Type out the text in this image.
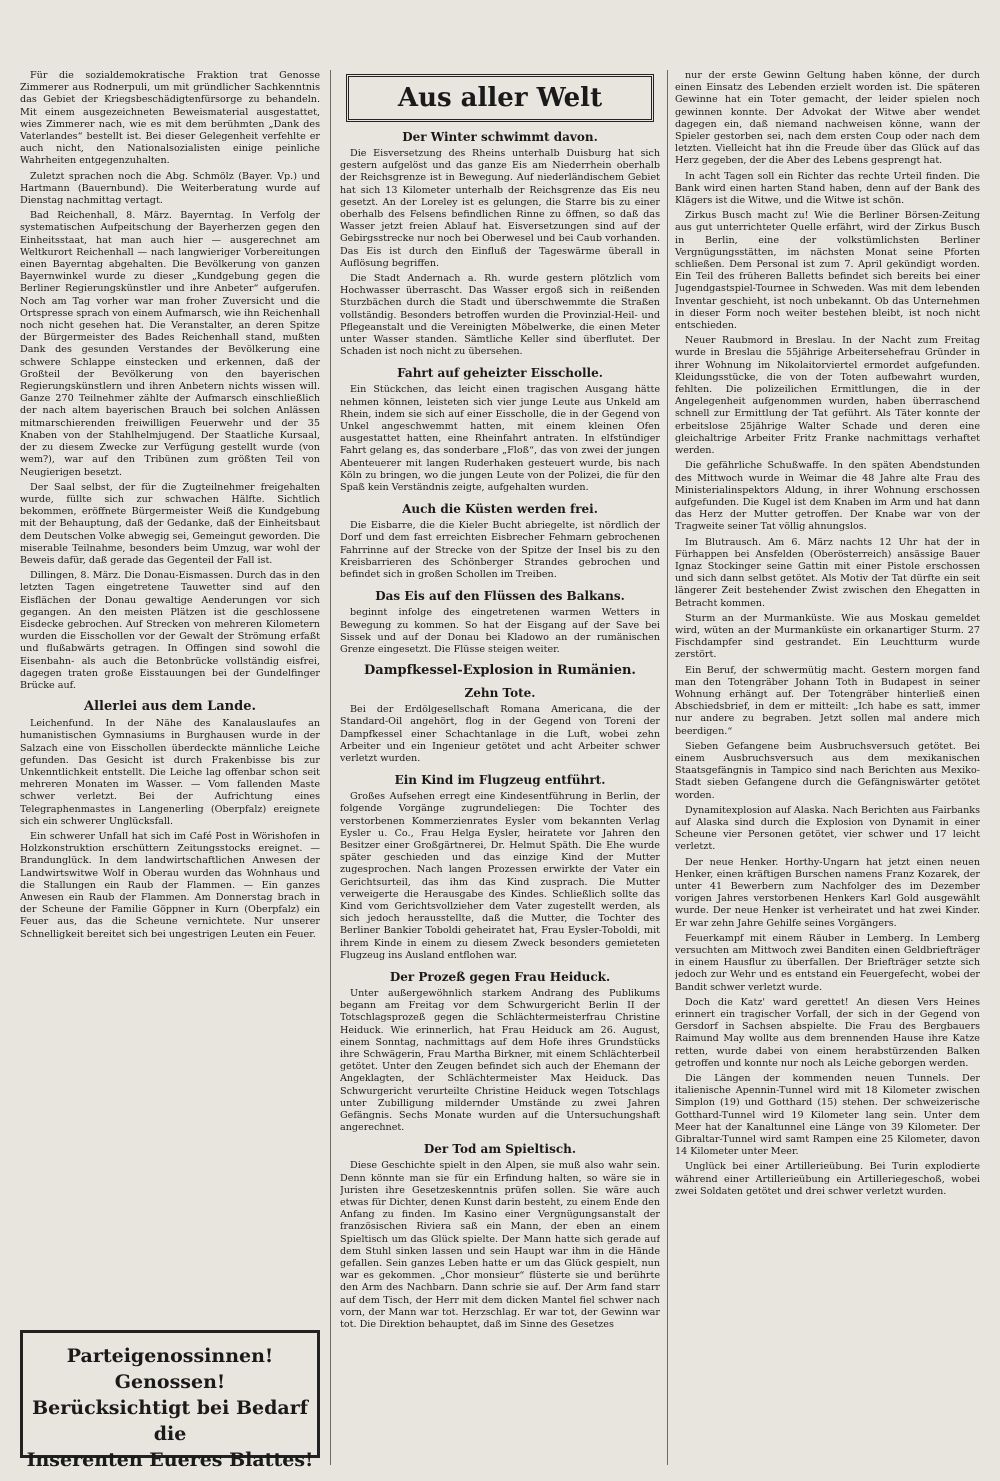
Für die sozialdemokratische Fraktion trat Genosse Zimmerer aus Rodnerpuli, um mit gründlicher Sachkenntnis das Gebiet der Kriegsbeschädigtenfürsorge zu behandeln. Mit einem ausgezeichneten Beweismaterial ausgestattet, wies Zimmerer nach, wie es mit dem berühmten „Dank des Vaterlandes“ bestellt ist. Bei dieser Gelegenheit verfehlte er auch nicht, den Nationalsozialisten einige peinliche Wahrheiten entgegenzuhalten.

Zuletzt sprachen noch die Abg. Schmölz (Bayer. Vp.) und Hartmann (Bauernbund). Die Weiterberatung wurde auf Dienstag nachmittag vertagt.

Bad Reichenhall, 8. März. Bayerntag. In Verfolg der systematischen Aufpeitschung der Bayerherzen gegen den Einheitsstaat, hat man auch hier — ausgerechnet am Weltkurort Reichenhall — nach langwieriger Vorbereitungen einen Bayerntag abgehalten. Die Bevölkerung von ganzen Bayernwinkel wurde zu dieser „Kundgebung gegen die Berliner Regierungskünstler und ihre Anbeter“ aufgerufen. Noch am Tag vorher war man froher Zuversicht und die Ortspresse sprach von einem Aufmarsch, wie ihn Reichenhall noch nicht gesehen hat. Die Veranstalter, an deren Spitze der Bürgermeister des Bades Reichenhall stand, mußten Dank des gesunden Verstandes der Bevölkerung eine schwere Schlappe einstecken und erkennen, daß der Großteil der Bevölkerung von den bayerischen Regierungskünstlern und ihren Anbetern nichts wissen will. Ganze 270 Teilnehmer zählte der Aufmarsch einschließlich der nach altem bayerischen Brauch bei solchen Anlässen mitmarschierenden freiwilligen Feuerwehr und der 35 Knaben von der Stahlhelmjugend. Der Staatliche Kursaal, der zu diesem Zwecke zur Verfügung gestellt wurde (von wem?), war auf den Tribünen zum größten Teil von Neugierigen besetzt.

Der Saal selbst, der für die Zugteilnehmer freigehalten wurde, füllte sich zur schwachen Hälfte. Sichtlich bekommen, eröffnete Bürgermeister Weiß die Kundgebung mit der Behauptung, daß der Gedanke, daß der Einheitsbaut dem Deutschen Volke abwegig sei, Gemeingut geworden. Die miserable Teilnahme, besonders beim Umzug, war wohl der Beweis dafür, daß gerade das Gegenteil der Fall ist.

Dillingen, 8. März. Die Donau-Eismassen. Durch das in den letzten Tagen eingetretene Tauwetter sind auf den Eisflächen der Donau gewaltige Aenderungen vor sich gegangen. An den meisten Plätzen ist die geschlossene Eisdecke gebrochen. Auf Strecken von mehreren Kilometern wurden die Eisschollen vor der Gewalt der Strömung erfaßt und flußabwärts getragen. In Offingen sind sowohl die Eisenbahn- als auch die Betonbrücke vollständig eisfrei, dagegen traten große Eisstauungen bei der Gundelfinger Brücke auf.

Allerlei aus dem Lande.

Leichenfund. In der Nähe des Kanalauslaufes an humanistischen Gymnasiums in Burghausen wurde in der Salzach eine von Eisschollen überdeckte männliche Leiche gefunden. Das Gesicht ist durch Frakenbisse bis zur Unkenntlichkeit entstellt. Die Leiche lag offenbar schon seit mehreren Monaten im Wasser. — Vom fallenden Maste schwer verletzt. Bei der Aufrichtung eines Telegraphenmastes in Langenerling (Oberpfalz) ereignete sich ein schwerer Unglücksfall.

Ein schwerer Unfall hat sich im Café Post in Wörishofen in Holzkonstruktion erschüttern Zeitungsstocks ereignet. — Brandunglück. In dem landwirtschaftlichen Anwesen der Landwirtswitwe Wolf in Oberau wurden das Wohnhaus und die Stallungen ein Raub der Flammen. — Ein ganzes Anwesen ein Raub der Flammen. Am Donnerstag brach in der Scheune der Familie Göppner in Kurn (Oberpfalz) ein Feuer aus, das die Scheune vernichtete. Nur unserer Schnelligkeit bereitet sich bei ungestrigen Leuten ein Feuer.

Parteigenossinnen! Genossen!
Berücksichtigt bei Bedarf die
Inserenten Eueres Blattes!
Aus aller Welt
Der Winter schwimmt davon.

Die Eisversetzung des Rheins unterhalb Duisburg hat sich gestern aufgelöst und das ganze Eis am Niederrhein oberhalb der Reichsgrenze ist in Bewegung. Auf niederländischem Gebiet hat sich 13 Kilometer unterhalb der Reichsgrenze das Eis neu gesetzt. An der Loreley ist es gelungen, die Starre bis zu einer oberhalb des Felsens befindlichen Rinne zu öffnen, so daß das Wasser jetzt freien Ablauf hat. Eisversetzungen sind auf der Gebirgsstrecke nur noch bei Oberwesel und bei Caub vorhanden. Das Eis ist durch den Einfluß der Tageswärme überall in Auflösung begriffen.

Die Stadt Andernach a. Rh. wurde gestern plötzlich vom Hochwasser überrascht. Das Wasser ergoß sich in reißenden Sturzbächen durch die Stadt und überschwemmte die Straßen vollständig. Besonders betroffen wurden die Provinzial-Heil- und Pflegeanstalt und die Vereinigten Möbelwerke, die einen Meter unter Wasser standen. Sämtliche Keller sind überflutet. Der Schaden ist noch nicht zu übersehen.

Fahrt auf geheizter Eisscholle.

Ein Stückchen, das leicht einen tragischen Ausgang hätte nehmen können, leisteten sich vier junge Leute aus Unkeld am Rhein, indem sie sich auf einer Eisscholle, die in der Gegend von Unkel angeschwemmt hatten, mit einem kleinen Ofen ausgestattet hatten, eine Rheinfahrt antraten. In elfstündiger Fahrt gelang es, das sonderbare „Floß“, das von zwei der jungen Abenteuerer mit langen Ruderhaken gesteuert wurde, bis nach Köln zu bringen, wo die jungen Leute von der Polizei, die für den Spaß kein Verständnis zeigte, aufgehalten wurden.

Auch die Küsten werden frei.

Die Eisbarre, die die Kieler Bucht abriegelte, ist nördlich der Dorf und dem fast erreichten Eisbrecher Fehmarn gebrochenen Fahrrinne auf der Strecke von der Spitze der Insel bis zu den Kreisbarrieren des Schönberger Strandes gebrochen und befindet sich in großen Schollen im Treiben.

Das Eis auf den Flüssen des Balkans.

beginnt infolge des eingetretenen warmen Wetters in Bewegung zu kommen. So hat der Eisgang auf der Save bei Sissek und auf der Donau bei Kladowo an der rumänischen Grenze eingesetzt. Die Flüsse steigen weiter.

Dampfkessel-Explosion in Rumänien.
Zehn Tote.

Bei der Erdölgesellschaft Romana Americana, die der Standard-Oil angehört, flog in der Gegend von Toreni der Dampfkessel einer Schachtanlage in die Luft, wobei zehn Arbeiter und ein Ingenieur getötet und acht Arbeiter schwer verletzt wurden.

Ein Kind im Flugzeug entführt.

Großes Aufsehen erregt eine Kindesentführung in Berlin, der folgende Vorgänge zugrundeliegen: Die Tochter des verstorbenen Kommerzienrates Eysler vom bekannten Verlag Eysler u. Co., Frau Helga Eysler, heiratete vor Jahren den Besitzer einer Großgärtnerei, Dr. Helmut Späth. Die Ehe wurde später geschieden und das einzige Kind der Mutter zugesprochen. Nach langen Prozessen erwirkte der Vater ein Gerichtsurteil, das ihm das Kind zusprach. Die Mutter verweigerte die Herausgabe des Kindes. Schließlich sollte das Kind vom Gerichtsvollzieher dem Vater zugestellt werden, als sich jedoch herausstellte, daß die Mutter, die Tochter des Berliner Bankier Toboldi geheiratet hat, Frau Eysler-Toboldi, mit ihrem Kinde in einem zu diesem Zweck besonders gemieteten Flugzeug ins Ausland entflohen war.

Der Prozeß gegen Frau Heiduck.

Unter außergewöhnlich starkem Andrang des Publikums begann am Freitag vor dem Schwurgericht Berlin II der Totschlagsprozeß gegen die Schlächtermeisterfrau Christine Heiduck. Wie erinnerlich, hat Frau Heiduck am 26. August, einem Sonntag, nachmittags auf dem Hofe ihres Grundstücks ihre Schwägerin, Frau Martha Birkner, mit einem Schlächterbeil getötet. Unter den Zeugen befindet sich auch der Ehemann der Angeklagten, der Schlächtermeister Max Heiduck. Das Schwurgericht verurteilte Christine Heiduck wegen Totschlags unter Zubilligung mildernder Umstände zu zwei Jahren Gefängnis. Sechs Monate wurden auf die Untersuchungshaft angerechnet.

Der Tod am Spieltisch.

Diese Geschichte spielt in den Alpen, sie muß also wahr sein. Denn könnte man sie für ein Erfindung halten, so wäre sie in Juristen ihre Gesetzeskenntnis prüfen sollen. Sie wäre auch etwas für Dichter, denen Kunst darin besteht, zu einem Ende den Anfang zu finden. Im Kasino einer Vergnügungsanstalt der französischen Riviera saß ein Mann, der eben an einem Spieltisch um das Glück spielte. Der Mann hatte sich gerade auf dem Stuhl sinken lassen und sein Haupt war ihm in die Hände gefallen. Sein ganzes Leben hatte er um das Glück gespielt, nun war es gekommen. „Chor monsieur“ flüsterte sie und berührte den Arm des Nachbarn. Dann schrie sie auf. Der Arm fand starr auf dem Tisch, der Herr mit dem dicken Mantel fiel schwer nach vorn, der Mann war tot. Herzschlag. Er war tot, der Gewinn war tot. Die Direktion behauptet, daß im Sinne des Gesetzes

nur der erste Gewinn Geltung haben könne, der durch einen Einsatz des Lebenden erzielt worden ist. Die späteren Gewinne hat ein Toter gemacht, der leider spielen noch gewinnen konnte. Der Advokat der Witwe aber wendet dagegen ein, daß niemand nachweisen könne, wann der Spieler gestorben sei, nach dem ersten Coup oder nach dem letzten. Vielleicht hat ihn die Freude über das Glück auf das Herz gegeben, der die Aber des Lebens gesprengt hat.

In acht Tagen soll ein Richter das rechte Urteil finden. Die Bank wird einen harten Stand haben, denn auf der Bank des Klägers ist die Witwe, und die Witwe ist schön.

Zirkus Busch macht zu! Wie die Berliner Börsen-Zeitung aus gut unterrichteter Quelle erfährt, wird der Zirkus Busch in Berlin, eine der volkstümlichsten Berliner Vergnügungsstätten, im nächsten Monat seine Pforten schließen. Dem Personal ist zum 7. April gekündigt worden. Ein Teil des früheren Balletts befindet sich bereits bei einer Jugendgastspiel-Tournee in Schweden. Was mit dem lebenden Inventar geschieht, ist noch unbekannt. Ob das Unternehmen in dieser Form noch weiter bestehen bleibt, ist noch nicht entschieden.

Neuer Raubmord in Breslau. In der Nacht zum Freitag wurde in Breslau die 55jährige Arbeitersehefrau Gründer in ihrer Wohnung im Nikolaitorviertel ermordet aufgefunden. Kleidungsstücke, die von der Toten aufbewahrt wurden, fehlten. Die polizeilichen Ermittlungen, die in der Angelegenheit aufgenommen wurden, haben überraschend schnell zur Ermittlung der Tat geführt. Als Täter konnte der erbeitslose 25jährige Walter Schade und deren eine gleichaltrige Arbeiter Fritz Franke nachmittags verhaftet werden.

Die gefährliche Schußwaffe. In den späten Abendstunden des Mittwoch wurde in Weimar die 48 Jahre alte Frau des Ministerialinspektors Aldung, in ihrer Wohnung erschossen aufgefunden. Die Kugel ist dem Knaben im Arm und hat dann das Herz der Mutter getroffen. Der Knabe war von der Tragweite seiner Tat völlig ahnungslos.

Im Blutrausch. Am 6. März nachts 12 Uhr hat der in Fürhappen bei Ansfelden (Oberösterreich) ansässige Bauer Ignaz Stockinger seine Gattin mit einer Pistole erschossen und sich dann selbst getötet. Als Motiv der Tat dürfte ein seit längerer Zeit bestehender Zwist zwischen den Ehegatten in Betracht kommen.

Sturm an der Murmanküste. Wie aus Moskau gemeldet wird, wüten an der Murmanküste ein orkanartiger Sturm. 27 Fischdampfer sind gestrandet. Ein Leuchtturm wurde zerstört.

Ein Beruf, der schwermütig macht. Gestern morgen fand man den Totengräber Johann Toth in Budapest in seiner Wohnung erhängt auf. Der Totengräber hinterließ einen Abschiedsbrief, in dem er mitteilt: „Ich habe es satt, immer nur andere zu begraben. Jetzt sollen mal andere mich beerdigen.“

Sieben Gefangene beim Ausbruchsversuch getötet. Bei einem Ausbruchsversuch aus dem mexikanischen Staatsgefängnis in Tampico sind nach Berichten aus Mexiko-Stadt sieben Gefangene durch die Gefängniswärter getötet worden.

Dynamitexplosion auf Alaska. Nach Berichten aus Fairbanks auf Alaska sind durch die Explosion von Dynamit in einer Scheune vier Personen getötet, vier schwer und 17 leicht verletzt.

Der neue Henker. Horthy-Ungarn hat jetzt einen neuen Henker, einen kräftigen Burschen namens Franz Kozarek, der unter 41 Bewerbern zum Nachfolger des im Dezember vorigen Jahres verstorbenen Henkers Karl Gold ausgewählt wurde. Der neue Henker ist verheiratet und hat zwei Kinder. Er war zehn Jahre Gehilfe seines Vorgängers.

Feuerkampf mit einem Räuber in Lemberg. In Lemberg versuchten am Mittwoch zwei Banditen einen Geldbriefträger in einem Hausflur zu überfallen. Der Briefträger setzte sich jedoch zur Wehr und es entstand ein Feuergefecht, wobei der Bandit schwer verletzt wurde.

Doch die Katz' ward gerettet! An diesen Vers Heines erinnert ein tragischer Vorfall, der sich in der Gegend von Gersdorf in Sachsen abspielte. Die Frau des Bergbauers Raimund May wollte aus dem brennenden Hause ihre Katze retten, wurde dabei von einem herabstürzenden Balken getroffen und konnte nur noch als Leiche geborgen werden.

Die Längen der kommenden neuen Tunnels. Der italienische Apennin-Tunnel wird mit 18 Kilometer zwischen Simplon (19) und Gotthard (15) stehen. Der schweizerische Gotthard-Tunnel wird 19 Kilometer lang sein. Unter dem Meer hat der Kanaltunnel eine Länge von 39 Kilometer. Der Gibraltar-Tunnel wird samt Rampen eine 25 Kilometer, davon 14 Kilometer unter Meer.

Unglück bei einer Artillerieübung. Bei Turin explodierte während einer Artillerieübung ein Artilleriegeschoß, wobei zwei Soldaten getötet und drei schwer verletzt wurden.
